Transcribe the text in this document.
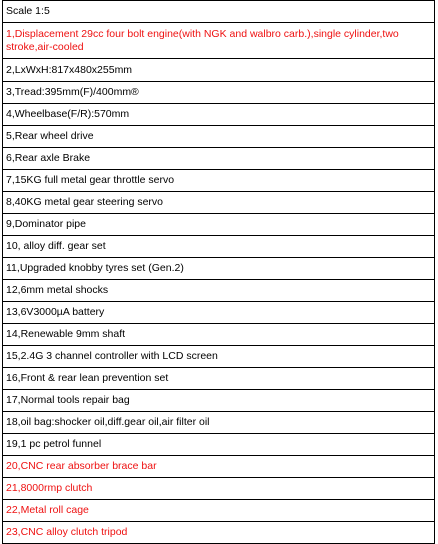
Scale 1:5
1,Displacement 29cc four bolt engine(with NGK and walbro carb.),single cylinder,two stroke,air-cooled
2,LxWxH:817x480x255mm
3,Tread:395mm(F)/400mm®
4,Wheelbase(F/R):570mm
5,Rear wheel drive
6,Rear axle Brake
7,15KG full metal gear throttle servo
8,40KG metal gear steering servo
9,Dominator pipe
10, alloy diff. gear set
11,Upgraded knobby tyres set (Gen.2)
12,6mm metal shocks
13,6V3000µA battery
14,Renewable 9mm shaft
15,2.4G 3 channel controller with LCD screen
16,Front & rear lean prevention set
17,Normal tools repair bag
18,oil bag:shocker oil,diff.gear oil,air filter oil
19,1 pc petrol funnel
20,CNC rear absorber brace bar
21,8000rmp clutch
22,Metal roll cage
23,CNC alloy clutch tripod
